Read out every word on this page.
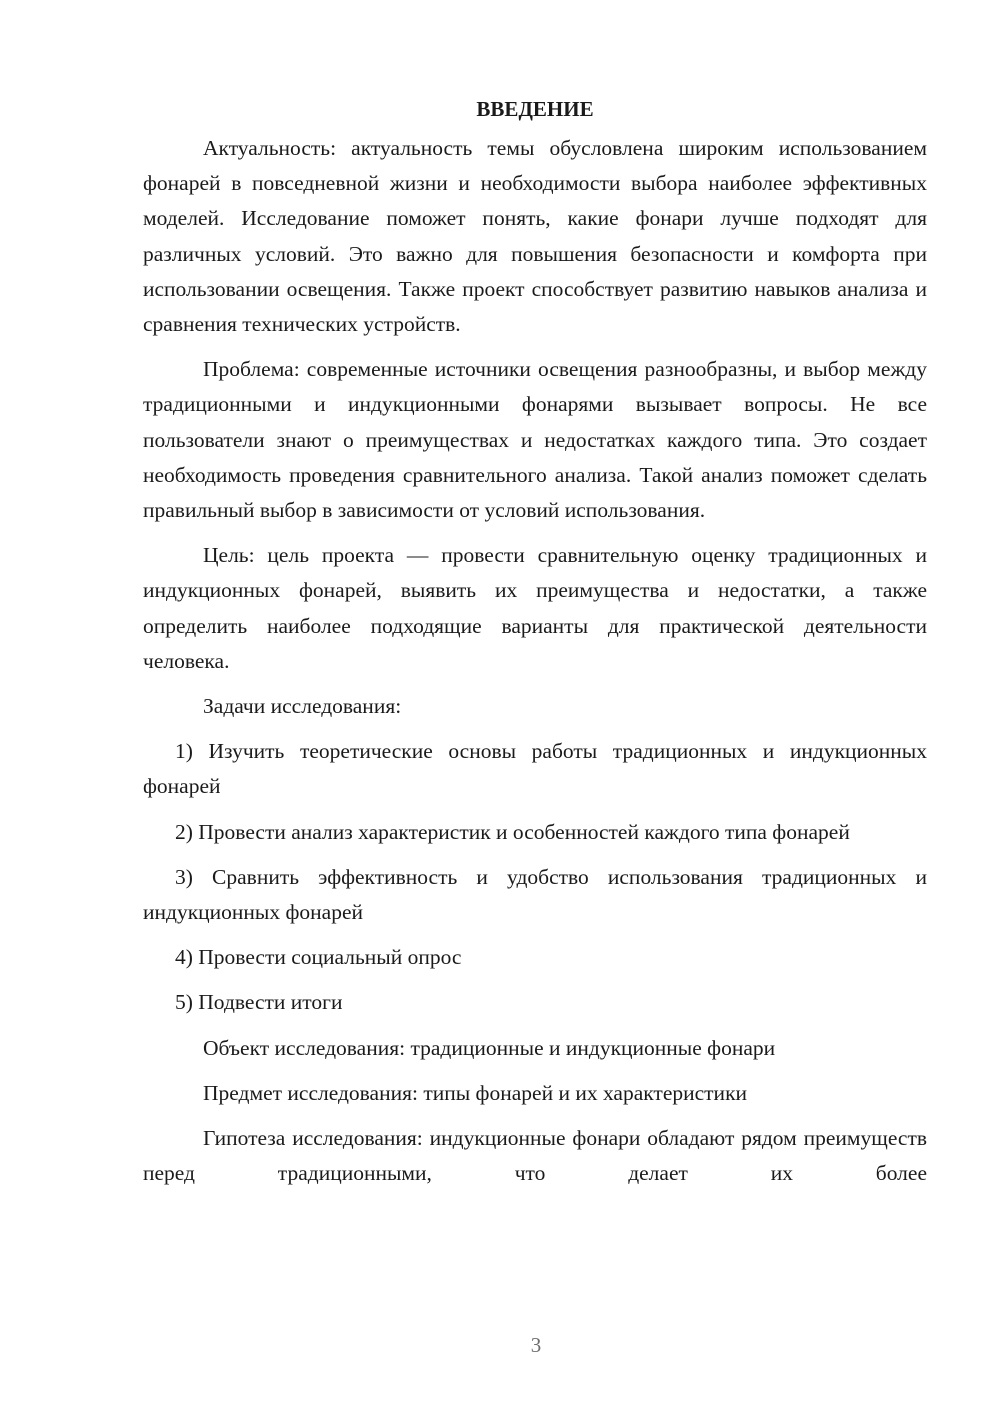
ВВЕДЕНИЕ

Актуальность: актуальность темы обусловлена широким использованием фонарей в повседневной жизни и необходимости выбора наиболее эффективных моделей. Исследование поможет понять, какие фонари лучше подходят для различных условий. Это важно для повышения безопасности и комфорта при использовании освещения. Также проект способствует развитию навыков анализа и сравнения технических устройств.

Проблема: современные источники освещения разнообразны, и выбор между традиционными и индукционными фонарями вызывает вопросы. Не все пользователи знают о преимуществах и недостатках каждого типа. Это создает необходимость проведения сравнительного анализа. Такой анализ поможет сделать правильный выбор в зависимости от условий использования.

Цель: цель проекта — провести сравнительную оценку традиционных и индукционных фонарей, выявить их преимущества и недостатки, а также определить наиболее подходящие варианты для практической деятельности человека.

Задачи исследования:

1) Изучить теоретические основы работы традиционных и индукционных фонарей

2) Провести анализ характеристик и особенностей каждого типа фонарей

3) Сравнить эффективность и удобство использования традиционных и индукционных фонарей

4) Провести социальный опрос

5) Подвести итоги

Объект исследования: традиционные и индукционные фонари

Предмет исследования: типы фонарей и их характеристики

Гипотеза исследования: индукционные фонари обладают рядом преимуществ перед традиционными, что делает их более

3
